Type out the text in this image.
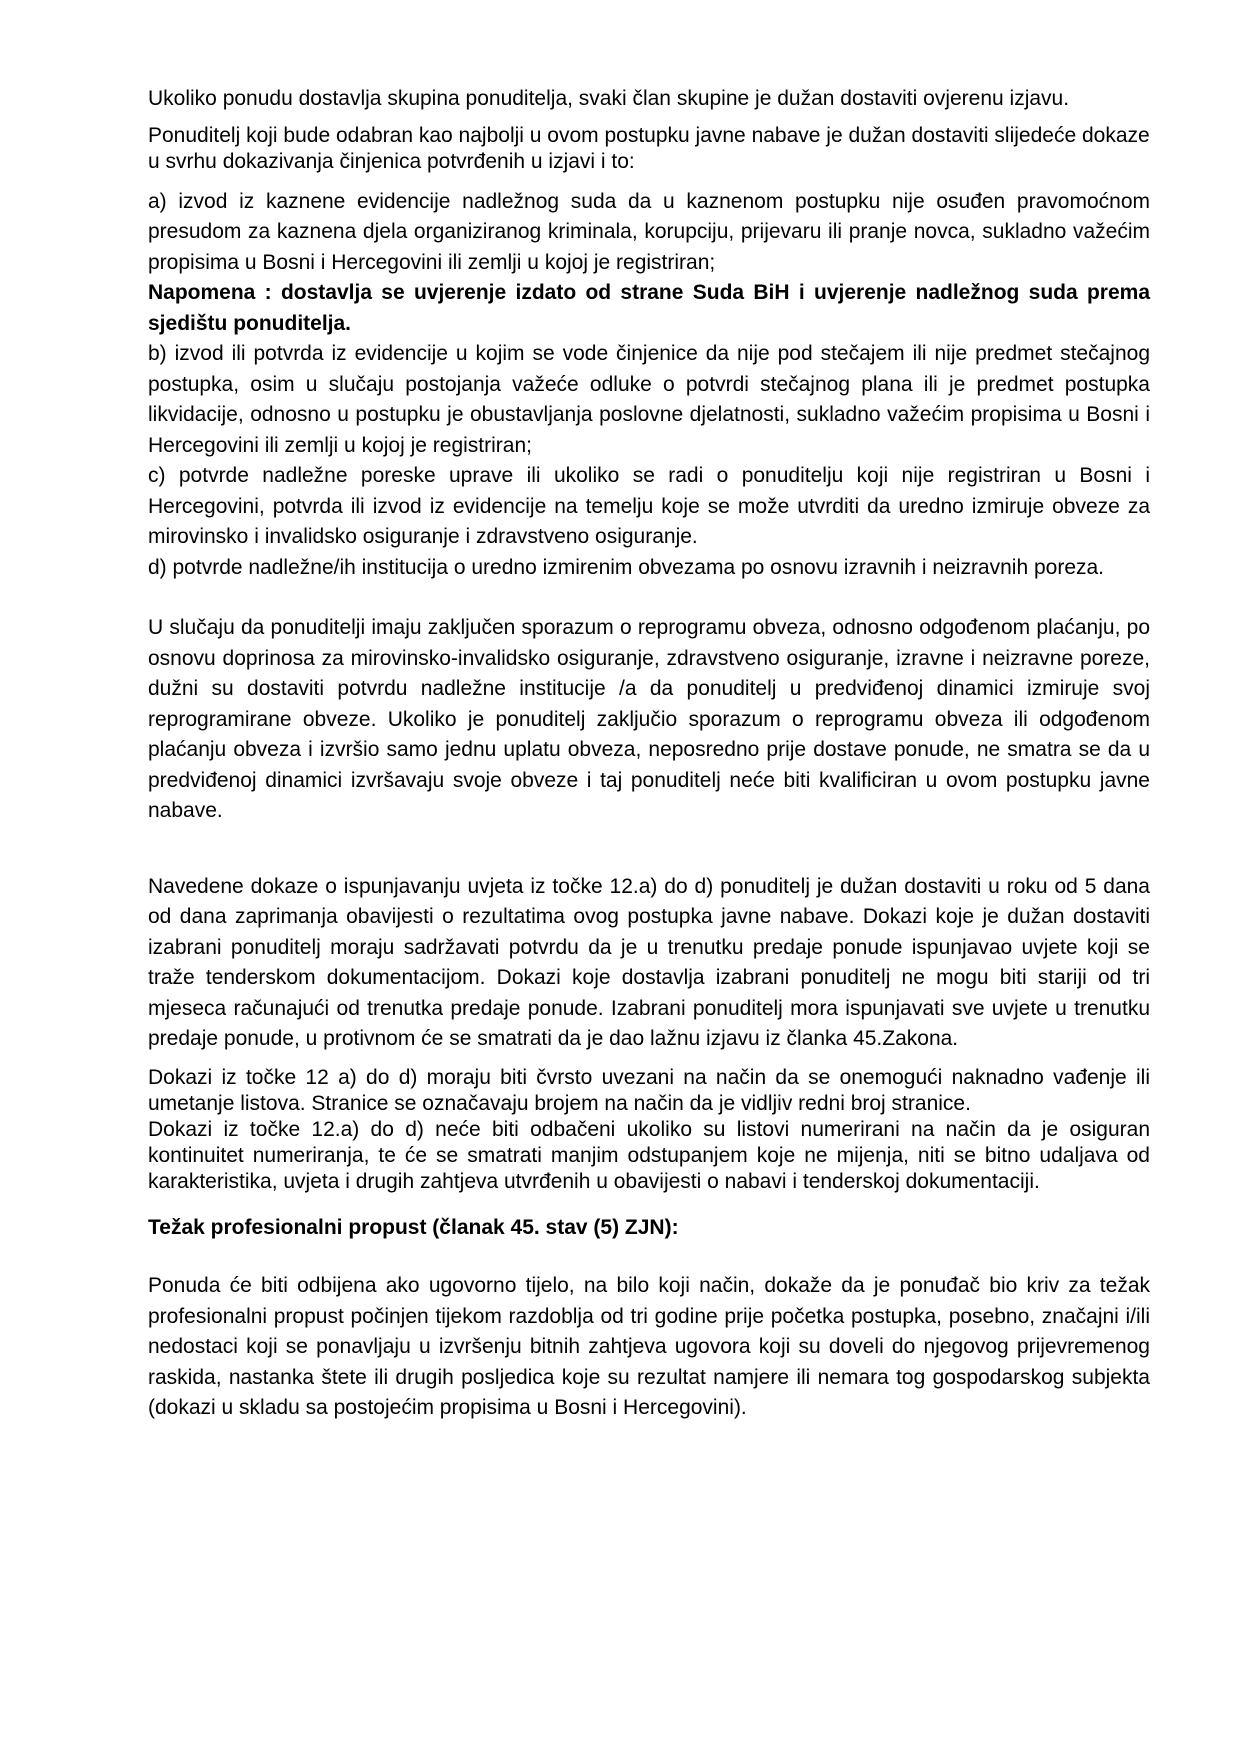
Ukoliko ponudu dostavlja skupina ponuditelja, svaki član skupine je dužan dostaviti ovjerenu izjavu.

Ponuditelj koji bude odabran kao najbolji u ovom postupku javne nabave je dužan dostaviti slijedeće dokaze u svrhu dokazivanja činjenica potvrđenih u izjavi i to:

a) izvod iz kaznene evidencije nadležnog suda da u kaznenom postupku nije osuđen pravomoćnom presudom za kaznena djela organiziranog kriminala, korupciju, prijevaru ili pranje novca, sukladno važećim propisima u Bosni i Hercegovini ili zemlji u kojoj je registriran;

Napomena : dostavlja se uvjerenje izdato od strane Suda BiH i uvjerenje nadležnog suda prema sjedištu ponuditelja.

b) izvod ili potvrda iz evidencije u kojim se vode činjenice da nije pod stečajem ili nije predmet stečajnog postupka, osim u slučaju postojanja važeće odluke o potvrdi stečajnog plana ili je predmet postupka likvidacije, odnosno u postupku je obustavljanja poslovne djelatnosti, sukladno važećim propisima u Bosni i Hercegovini ili zemlji u kojoj je registriran;

c) potvrde nadležne poreske uprave ili ukoliko se radi o ponuditelju koji nije registriran u Bosni i Hercegovini, potvrda ili izvod iz evidencije na temelju koje se može utvrditi da uredno izmiruje obveze za mirovinsko i invalidsko osiguranje i zdravstveno osiguranje.

d) potvrde nadležne/ih institucija o uredno izmirenim obvezama po osnovu izravnih i neizravnih poreza.

U slučaju da ponuditelji imaju zaključen sporazum o reprogramu obveza, odnosno odgođenom plaćanju, po osnovu doprinosa za mirovinsko-invalidsko osiguranje, zdravstveno osiguranje, izravne i neizravne poreze, dužni su dostaviti potvrdu nadležne institucije /a da ponuditelj u predviđenoj dinamici izmiruje svoj reprogramirane obveze. Ukoliko je ponuditelj zaključio sporazum o reprogramu obveza ili odgođenom plaćanju obveza i izvršio samo jednu uplatu obveza, neposredno prije dostave ponude, ne smatra se da u predviđenoj dinamici izvršavaju svoje obveze i taj ponuditelj neće biti kvalificiran u ovom postupku javne nabave.

Navedene dokaze o ispunjavanju uvjeta iz točke 12.a) do d) ponuditelj je dužan dostaviti u roku od 5 dana od dana zaprimanja obavijesti o rezultatima ovog postupka javne nabave. Dokazi koje je dužan dostaviti izabrani ponuditelj moraju sadržavati potvrdu da je u trenutku predaje ponude ispunjavao uvjete koji se traže tenderskom dokumentacijom. Dokazi koje dostavlja izabrani ponuditelj ne mogu biti stariji od tri mjeseca računajući od trenutka predaje ponude. Izabrani ponuditelj mora ispunjavati sve uvjete u trenutku predaje ponude, u protivnom će se smatrati da je dao lažnu izjavu iz članka 45.Zakona.

Dokazi iz točke 12 a) do d) moraju biti čvrsto uvezani na način da se onemogući naknadno vađenje ili umetanje listova. Stranice se označavaju brojem na način da je vidljiv redni broj stranice.

Dokazi iz točke 12.a) do d) neće biti odbačeni ukoliko su listovi numerirani na način da je osiguran kontinuitet numeriranja, te će se smatrati manjim odstupanjem koje ne mijenja, niti se bitno udaljava od karakteristika, uvjeta i drugih zahtjeva utvrđenih u obavijesti o nabavi i tenderskoj dokumentaciji.

Težak profesionalni propust (članak 45. stav (5) ZJN):

Ponuda će biti odbijena ako ugovorno tijelo, na bilo koji način, dokaže da je ponuđač bio kriv za težak profesionalni propust počinjen tijekom razdoblja od tri godine prije početka postupka, posebno, značajni i/ili nedostaci koji se ponavljaju u izvršenju bitnih zahtjeva ugovora koji su doveli do njegovog prijevremenog raskida, nastanka štete ili drugih posljedica koje su rezultat namjere ili nemara tog gospodarskog subjekta (dokazi u skladu sa postojećim propisima u Bosni i Hercegovini).
